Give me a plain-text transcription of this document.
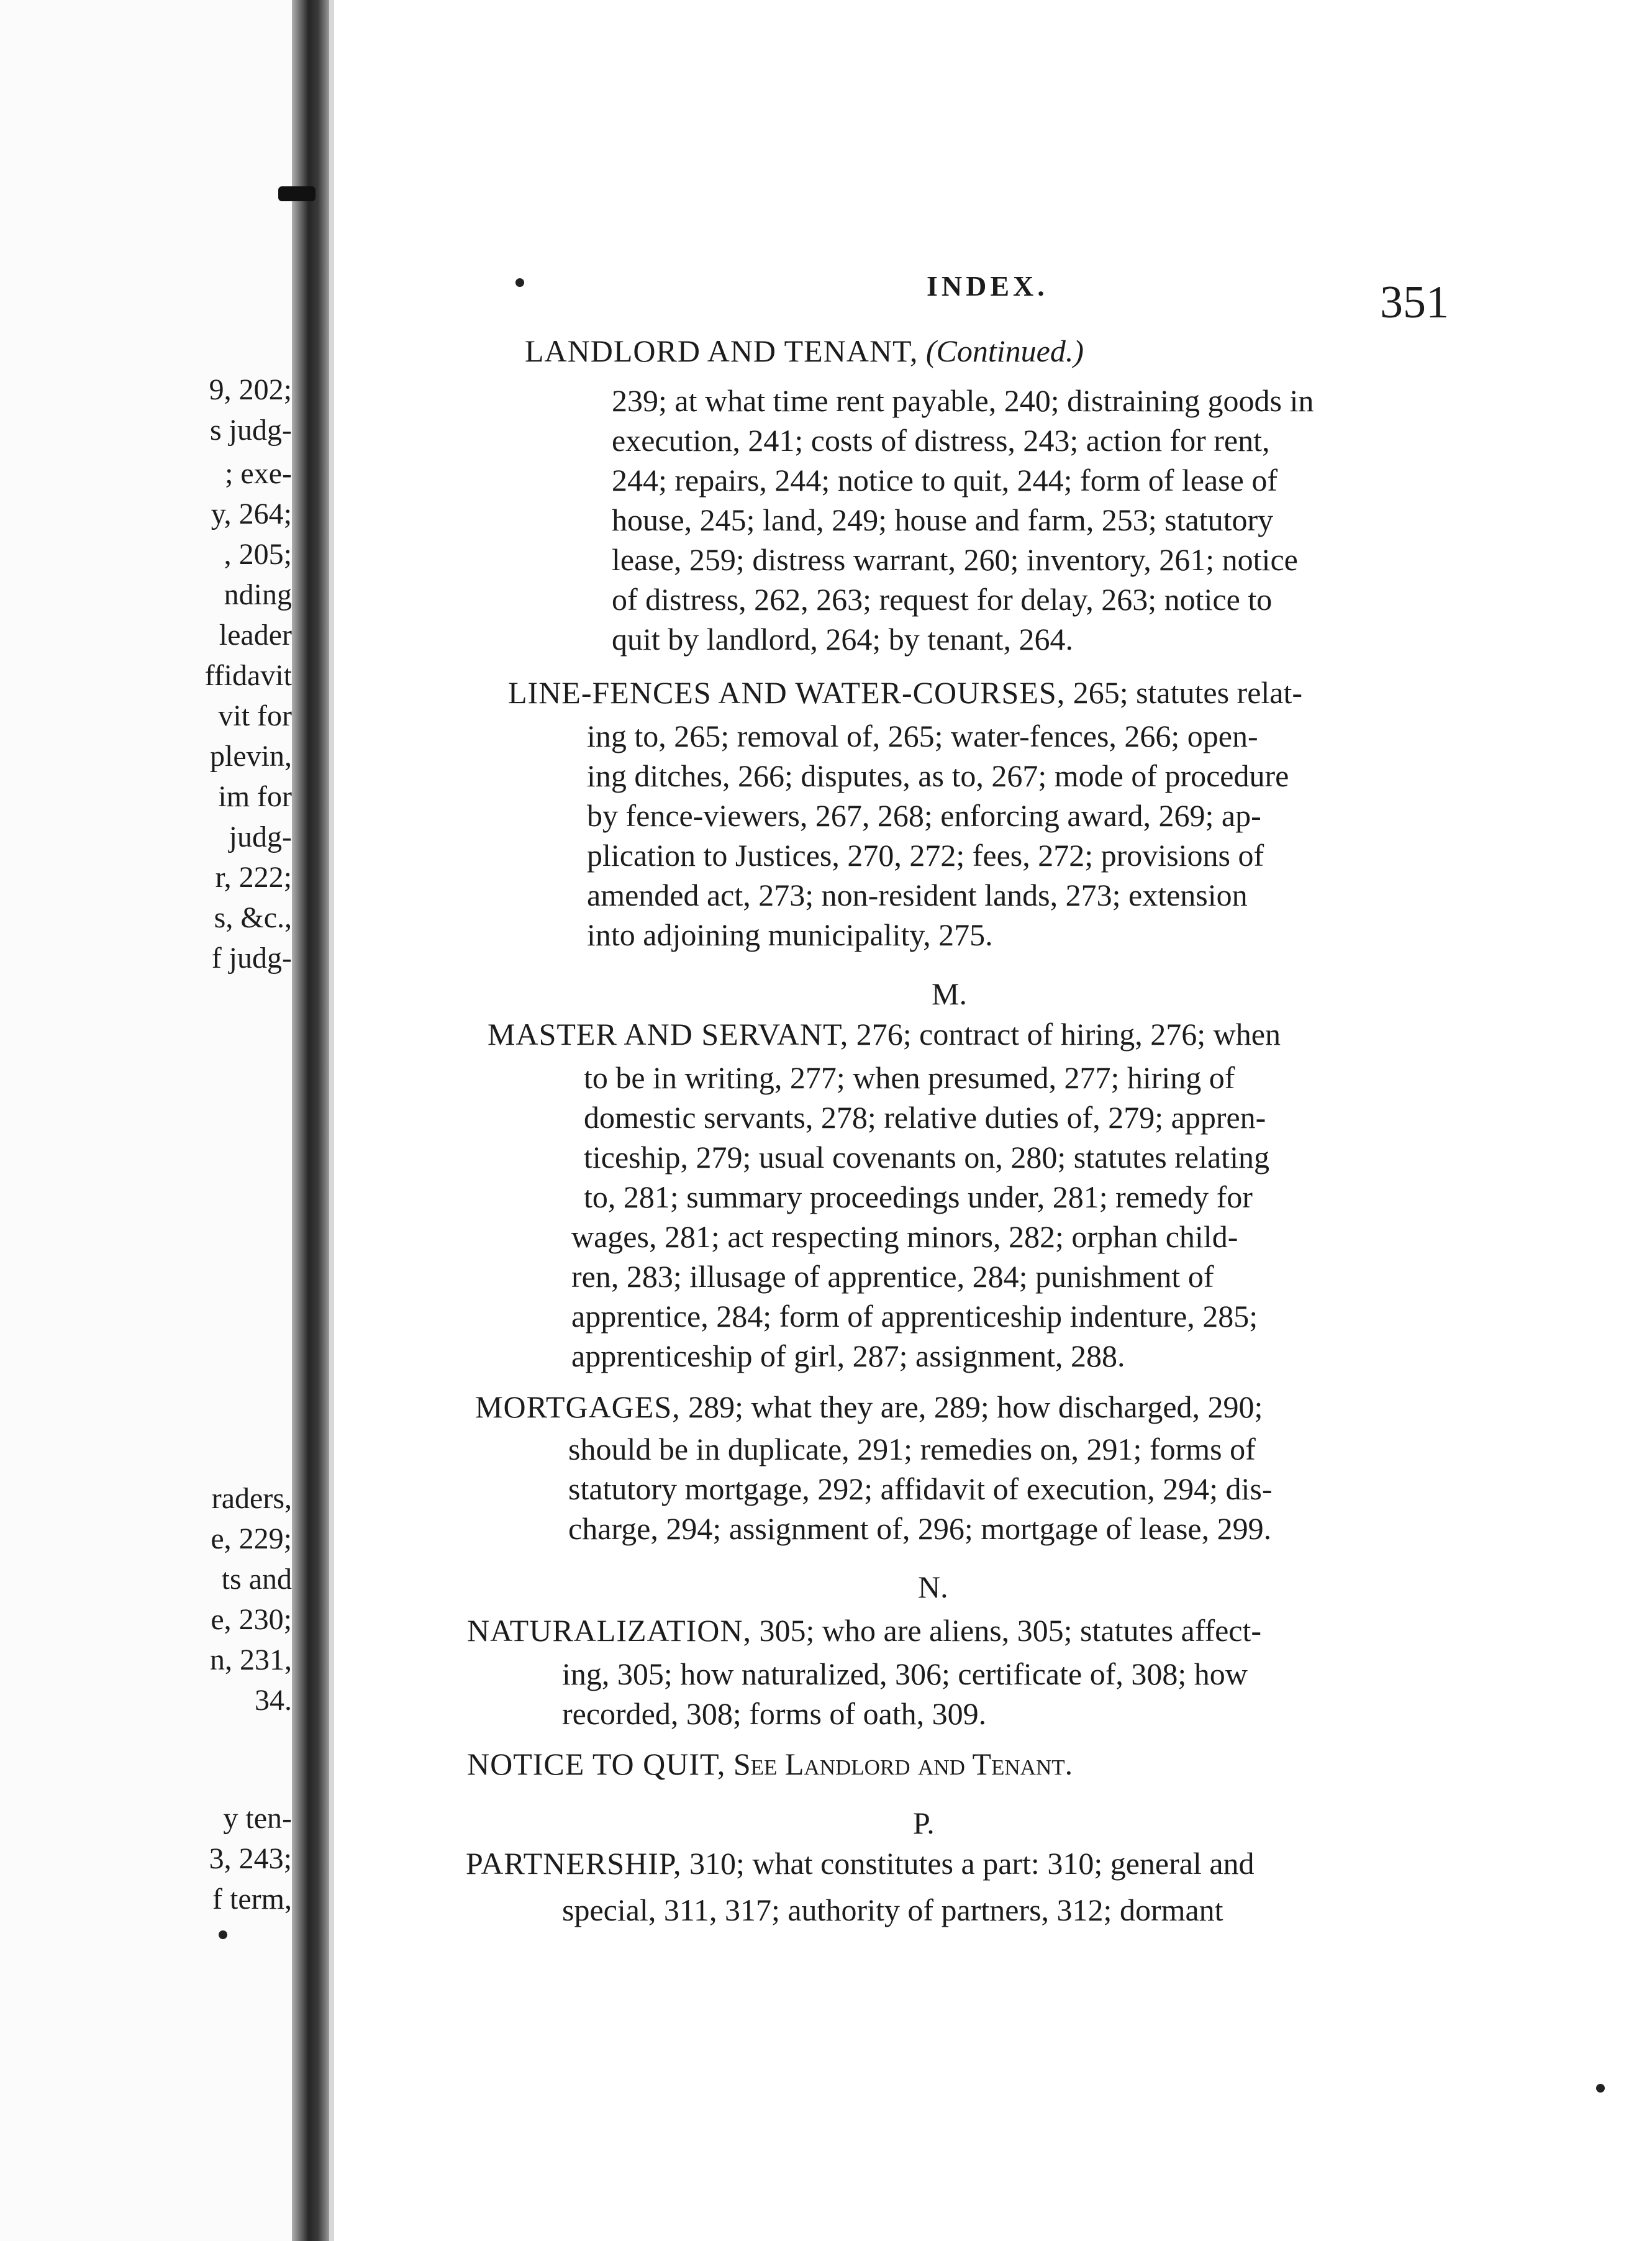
9, 202;
s judg-
; exe-
y, 264;
, 205;
nding
leader
ffidavit
vit for
plevin,
im for
judg-
r, 222;
s, &c.,
f judg-
raders,
e, 229;
ts and
e, 230;
n, 231,
34.
y ten-
3, 243;
f term,
INDEX.	351
LANDLORD AND TENANT, (Continued.)
239; at what time rent payable, 240; distraining goods in
execution, 241; costs of distress, 243; action for rent,
244; repairs, 244; notice to quit, 244; form of lease of
house, 245; land, 249; house and farm, 253; statutory
lease, 259; distress warrant, 260; inventory, 261; notice
of distress, 262, 263; request for delay, 263; notice to
quit by landlord, 264; by tenant, 264.
LINE-FENCES AND WATER-COURSES, 265; statutes relat-
ing to, 265; removal of, 265; water-fences, 266; open-
ing ditches, 266; disputes, as to, 267; mode of procedure
by fence-viewers, 267, 268; enforcing award, 269; ap-
plication to Justices, 270, 272; fees, 272; provisions of
amended act, 273; non-resident lands, 273; extension
into adjoining municipality, 275.
M.
MASTER AND SERVANT, 276; contract of hiring, 276; when
to be in writing, 277; when presumed, 277; hiring of
domestic servants, 278; relative duties of, 279; appren-
ticeship, 279; usual covenants on, 280; statutes relating
to, 281; summary proceedings under, 281; remedy for
wages, 281; act respecting minors, 282; orphan child-
ren, 283; illusage of apprentice, 284; punishment of
apprentice, 284; form of apprenticeship indenture, 285;
apprenticeship of girl, 287; assignment, 288.
MORTGAGES, 289; what they are, 289; how discharged, 290;
should be in duplicate, 291; remedies on, 291; forms of
statutory mortgage, 292; affidavit of execution, 294; dis-
charge, 294; assignment of, 296; mortgage of lease, 299.
N.
NATURALIZATION, 305; who are aliens, 305; statutes affect-
ing, 305; how naturalized, 306; certificate of, 308; how
recorded, 308; forms of oath, 309.
NOTICE TO QUIT, See Landlord and Tenant.
P.
PARTNERSHIP, 310; what constitutes a part: 310; general and
special, 311, 317; authority of partners, 312; dormant
